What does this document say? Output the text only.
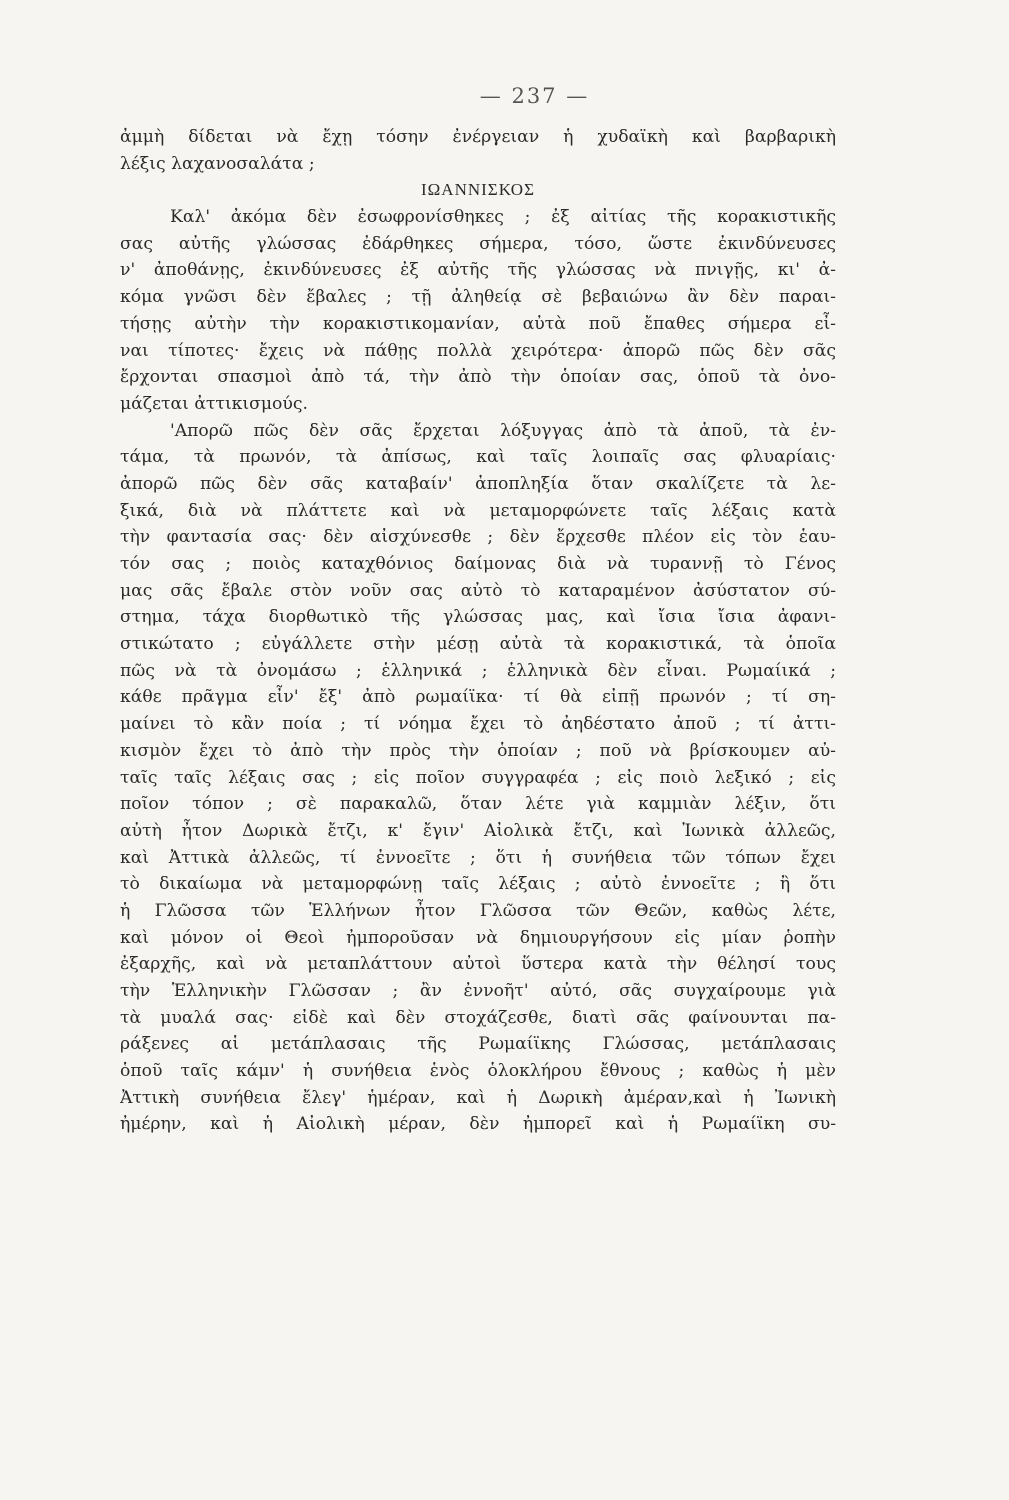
— 237 —
ἀμμὴ δίδεται νὰ ἔχῃ τόσην ἐνέργειαν ἡ χυδαϊκὴ καὶ βαρβαρικὴ
λέξις λαχανοσαλάτα ;
ΙΩΑΝΝΙΣΚΟΣ
Καλ' ἀκόμα δὲν ἐσωφρονίσθηκες ; ἐξ αἰτίας τῆς κορακιστικῆς
σας αὐτῆς γλώσσας ἐδάρθηκες σήμερα, τόσο, ὥστε ἐκινδύνευσες
ν' ἀποθάνῃς, ἐκινδύνευσες ἐξ αὐτῆς τῆς γλώσσας νὰ πνιγῇς, κι' ἀ-
κόμα γνῶσι δὲν ἔβαλες ; τῇ ἀληθείᾳ σὲ βεβαιώνω ἂν δὲν παραι-
τήσῃς αὐτὴν τὴν κορακιστικομανίαν, αὐτὰ ποῦ ἔπαθες σήμερα εἶ-
ναι τίποτες· ἔχεις νὰ πάθῃς πολλὰ χειρότερα· ἀπορῶ πῶς δὲν σᾶς
ἔρχονται σπασμοὶ ἀπὸ τά, τὴν ἀπὸ τὴν ὁποίαν σας, ὁποῦ τὰ ὀνο-
μάζεται ἀττικισμούς.
'Απορῶ πῶς δὲν σᾶς ἔρχεται λόξυγγας ἀπὸ τὰ ἀποῦ, τὰ ἐν-
τάμα, τὰ πρωνόν, τὰ ἀπίσως, καὶ ταῖς λοιπαῖς σας φλυαρίαις·
ἀπορῶ πῶς δὲν σᾶς καταβαίν' ἀποπληξία ὅταν σκαλίζετε τὰ λε-
ξικά, διὰ νὰ πλάττετε καὶ νὰ μεταμορφώνετε ταῖς λέξαις κατὰ
τὴν φαντασία σας· δὲν αἰσχύνεσθε ; δὲν ἔρχεσθε πλέον εἰς τὸν ἑαυ-
τόν σας ; ποιὸς καταχθόνιος δαίμονας διὰ νὰ τυραννῇ τὸ Γένος
μας σᾶς ἔβαλε στὸν νοῦν σας αὐτὸ τὸ καταραμένον ἀσύστατον σύ-
στημα, τάχα διορθωτικὸ τῆς γλώσσας μας, καὶ ἴσια ἴσια ἀφανι-
στικώτατο ; εὐγάλλετε στὴν μέσῃ αὐτὰ τὰ κορακιστικά, τὰ ὁποῖα
πῶς νὰ τὰ ὀνομάσω ; ἑλληνικά ; ἑλληνικὰ δὲν εἶναι. Ρωμαίικά ;
κάθε πρᾶγμα εἶν' ἔξ' ἀπὸ ρωμαίϊκα· τί θὰ εἰπῇ πρωνόν ; τί ση-
μαίνει τὸ κἂν ποία ; τί νόημα ἔχει τὸ ἀηδέστατο ἀποῦ ; τί ἀττι-
κισμὸν ἔχει τὸ ἀπὸ τὴν πρὸς τὴν ὁποίαν ; ποῦ νὰ βρίσκουμεν αὐ-
ταῖς ταῖς λέξαις σας ; εἰς ποῖον συγγραφέα ; εἰς ποιὸ λεξικό ; εἰς
ποῖον τόπον ; σὲ παρακαλῶ, ὅταν λέτε γιὰ καμμιὰν λέξιν, ὅτι
αὐτὴ ἦτον Δωρικὰ ἔτζι, κ' ἔγιν' Αἰολικὰ ἔτζι, καὶ Ἰωνικὰ ἀλλεῶς,
καὶ Ἀττικὰ ἀλλεῶς, τί ἐννοεῖτε ; ὅτι ἡ συνήθεια τῶν τόπων ἔχει
τὸ δικαίωμα νὰ μεταμορφώνῃ ταῖς λέξαις ; αὐτὸ ἐννοεῖτε ; ἢ ὅτι
ἡ Γλῶσσα τῶν Ἑλλήνων ἦτον Γλῶσσα τῶν Θεῶν, καθὼς λέτε,
καὶ μόνον οἱ Θεοὶ ἠμποροῦσαν νὰ δημιουργήσουν εἰς μίαν ῥοπὴν
ἐξαρχῆς, καὶ νὰ μεταπλάττουν αὐτοὶ ὕστερα κατὰ τὴν θέλησί τους
τὴν Ἑλληνικὴν Γλῶσσαν ; ἂν ἐννοῆτ' αὐτό, σᾶς συγχαίρουμε γιὰ
τὰ μυαλά σας· εἰδὲ καὶ δὲν στοχάζεσθε, διατὶ σᾶς φαίνουνται πα-
ράξενες αἱ μετάπλασαις τῆς Ρωμαίϊκης Γλώσσας, μετάπλασαις
ὁποῦ ταῖς κάμν' ἡ συνήθεια ἑνὸς ὁλοκλήρου ἔθνους ; καθὼς ἡ μὲν
Ἀττικὴ συνήθεια ἔλεγ' ἡμέραν, καὶ ἡ Δωρικὴ ἀμέραν,καὶ ἡ Ἰωνικὴ
ἠμέρην, καὶ ἡ Αἰολικὴ μέραν, δὲν ἠμπορεῖ καὶ ἡ Ρωμαίϊκη συ-
